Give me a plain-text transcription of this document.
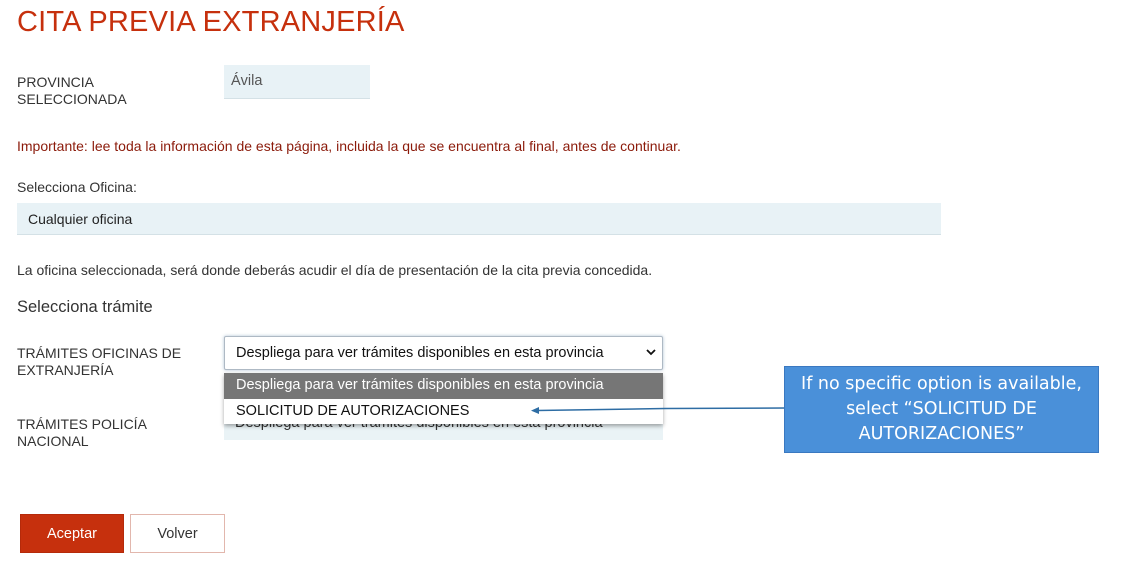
CITA PREVIA EXTRANJERÍA
PROVINCIA
SELECCIONADA
Ávila
Importante: lee toda la información de esta página, incluida la que se encuentra al final, antes de continuar.
Selecciona Oficina:
Cualquier oficina
La oficina seleccionada, será donde deberás acudir el día de presentación de la cita previa concedida.
Selecciona trámite
TRÁMITES OFICINAS DE
EXTRANJERÍA
TRÁMITES POLICÍA
NACIONAL
Despliega para ver trámites disponibles en esta provincia
Despliega para ver trámites disponibles en esta provincia
SOLICITUD DE AUTORIZACIONES
If no specific option is available,
select “SOLICITUD DE
AUTORIZACIONES”
Aceptar	Volver
